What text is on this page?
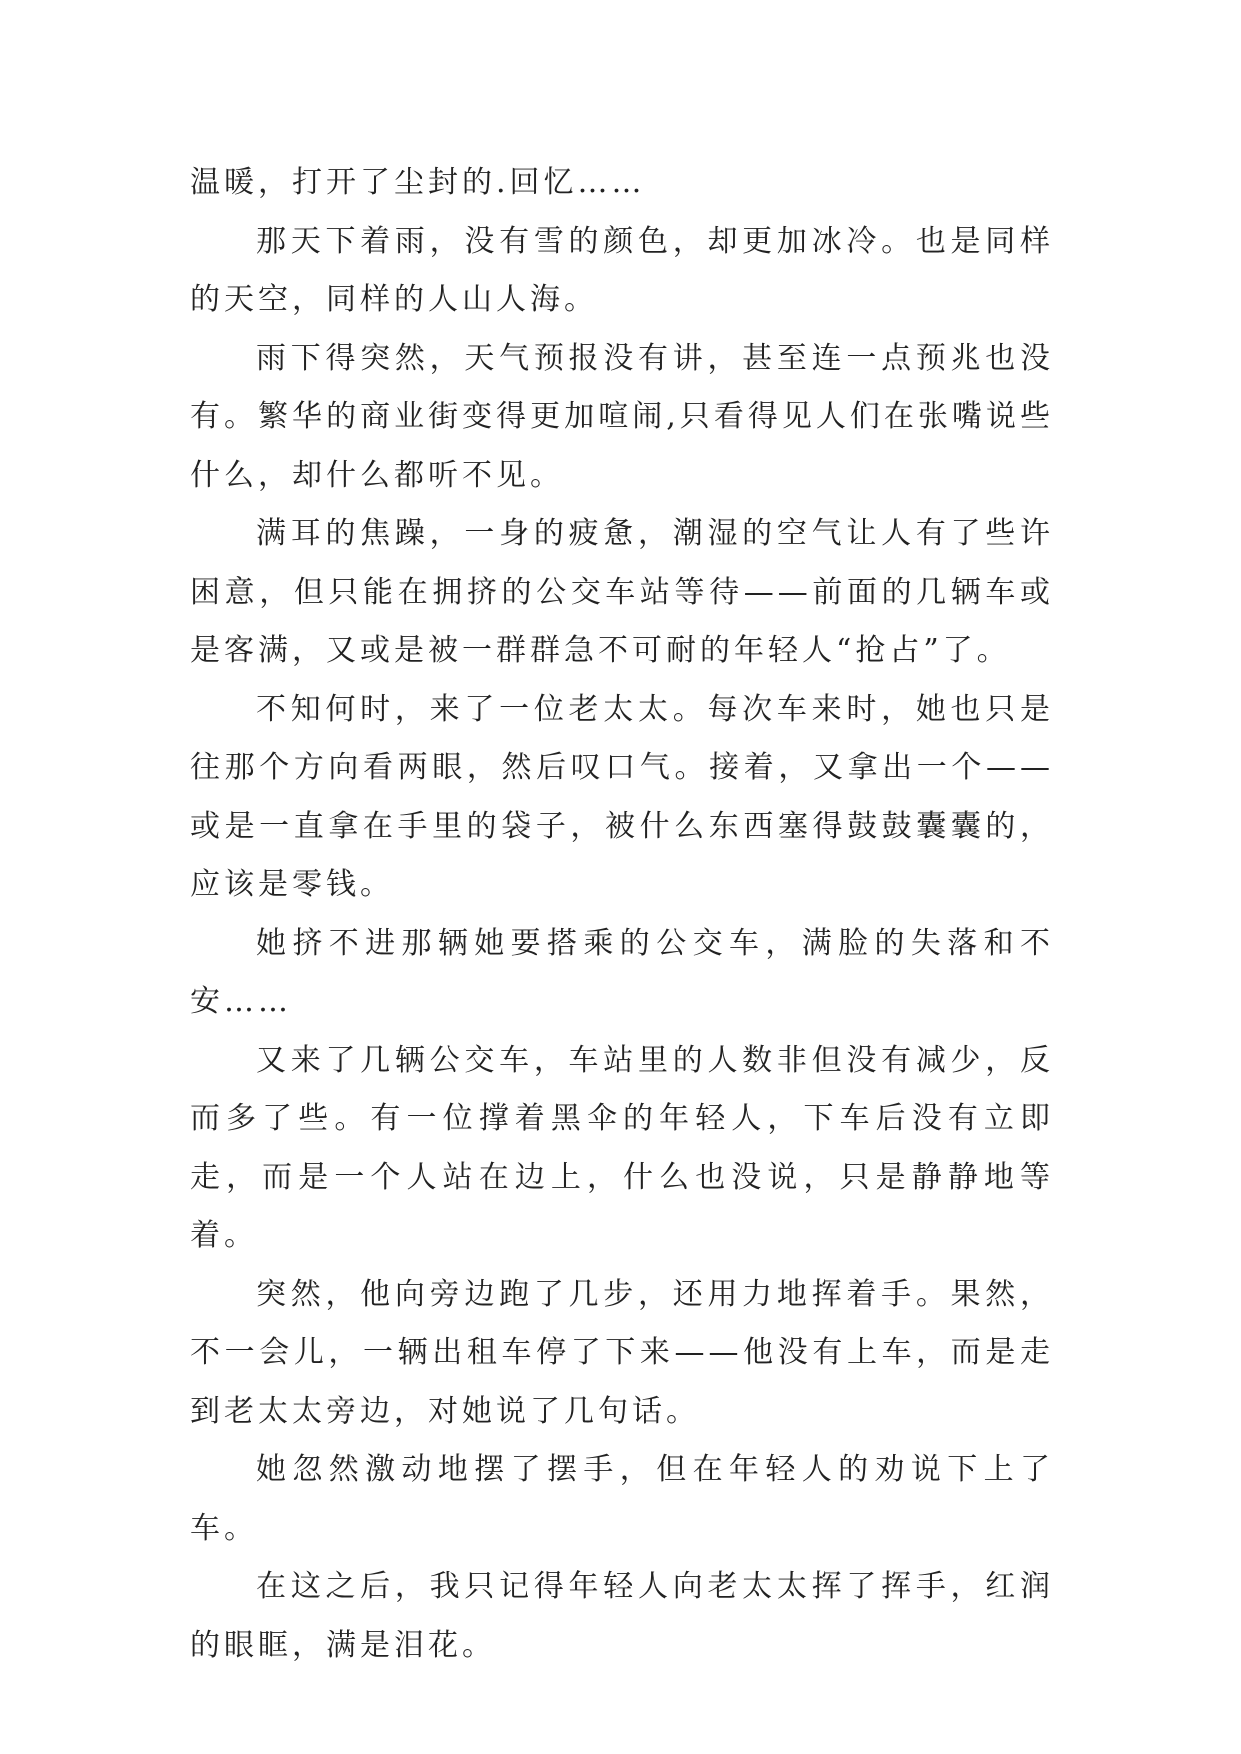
温暖，打开了尘封的.回忆……

那天下着雨，没有雪的颜色，却更加冰冷。也是同样的天空，同样的人山人海。

雨下得突然，天气预报没有讲，甚至连一点预兆也没有。繁华的商业街变得更加喧闹,只看得见人们在张嘴说些什么，却什么都听不见。

满耳的焦躁，一身的疲惫，潮湿的空气让人有了些许困意，但只能在拥挤的公交车站等待——前面的几辆车或是客满，又或是被一群群急不可耐的年轻人“抢占”了。

不知何时，来了一位老太太。每次车来时，她也只是往那个方向看两眼，然后叹口气。接着，又拿出一个——或是一直拿在手里的袋子，被什么东西塞得鼓鼓囊囊的，应该是零钱。

她挤不进那辆她要搭乘的公交车，满脸的失落和不安……

又来了几辆公交车，车站里的人数非但没有减少，反而多了些。有一位撑着黑伞的年轻人，下车后没有立即走，而是一个人站在边上，什么也没说，只是静静地等着。

突然，他向旁边跑了几步，还用力地挥着手。果然，不一会儿，一辆出租车停了下来——他没有上车，而是走到老太太旁边，对她说了几句话。

她忽然激动地摆了摆手，但在年轻人的劝说下上了车。

在这之后，我只记得年轻人向老太太挥了挥手，红润的眼眶，满是泪花。
